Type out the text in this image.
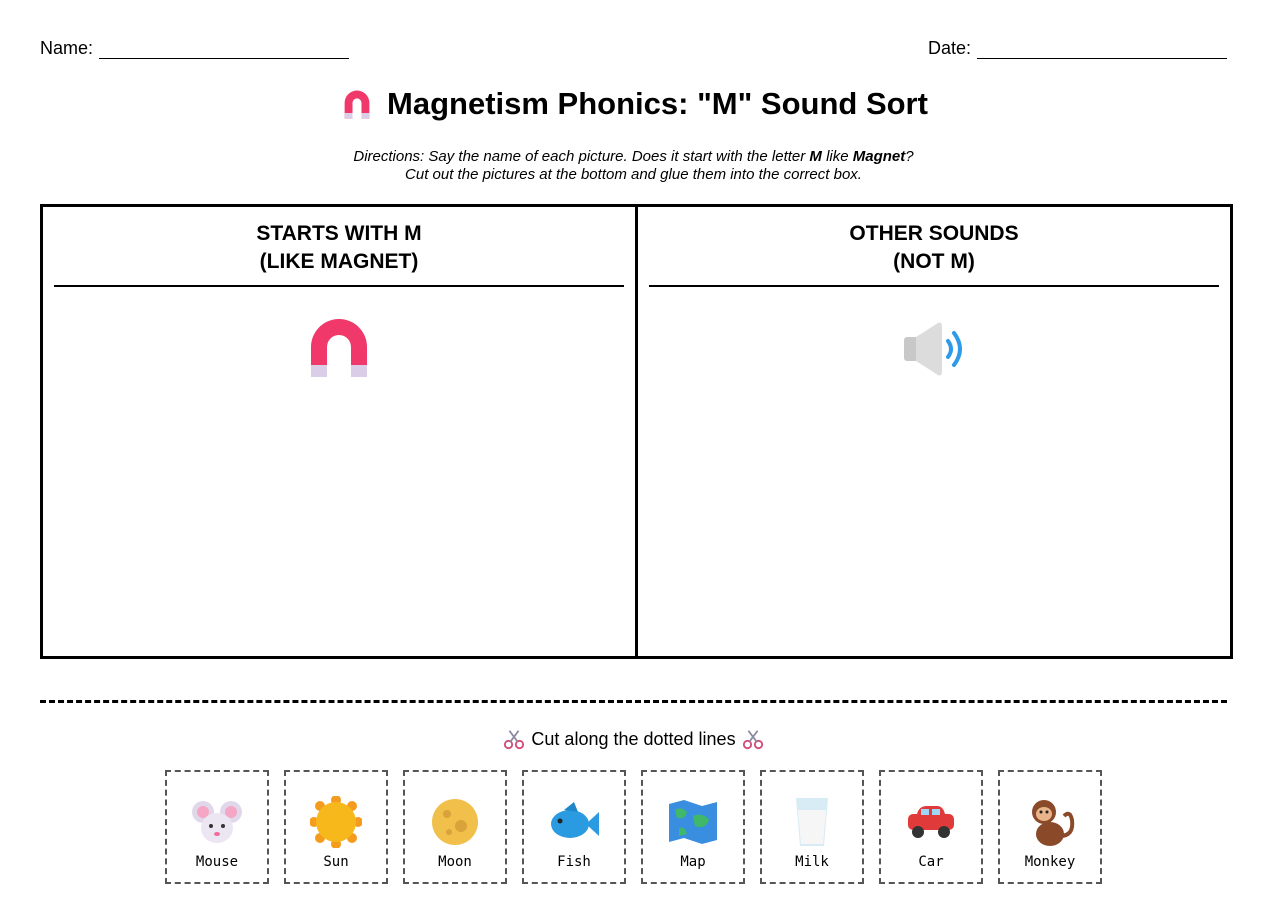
Name:	Date:
Magnetism Phonics: "M" Sound Sort
Directions: Say the name of each picture. Does it start with the letter M like Magnet?
Cut out the pictures at the bottom and glue them into the correct box.
STARTS WITH M
(LIKE MAGNET)
OTHER SOUNDS
(NOT M)
Cut along the dotted lines
Mouse	Sun	Moon	Fish	Map	Milk	Car	Monkey
